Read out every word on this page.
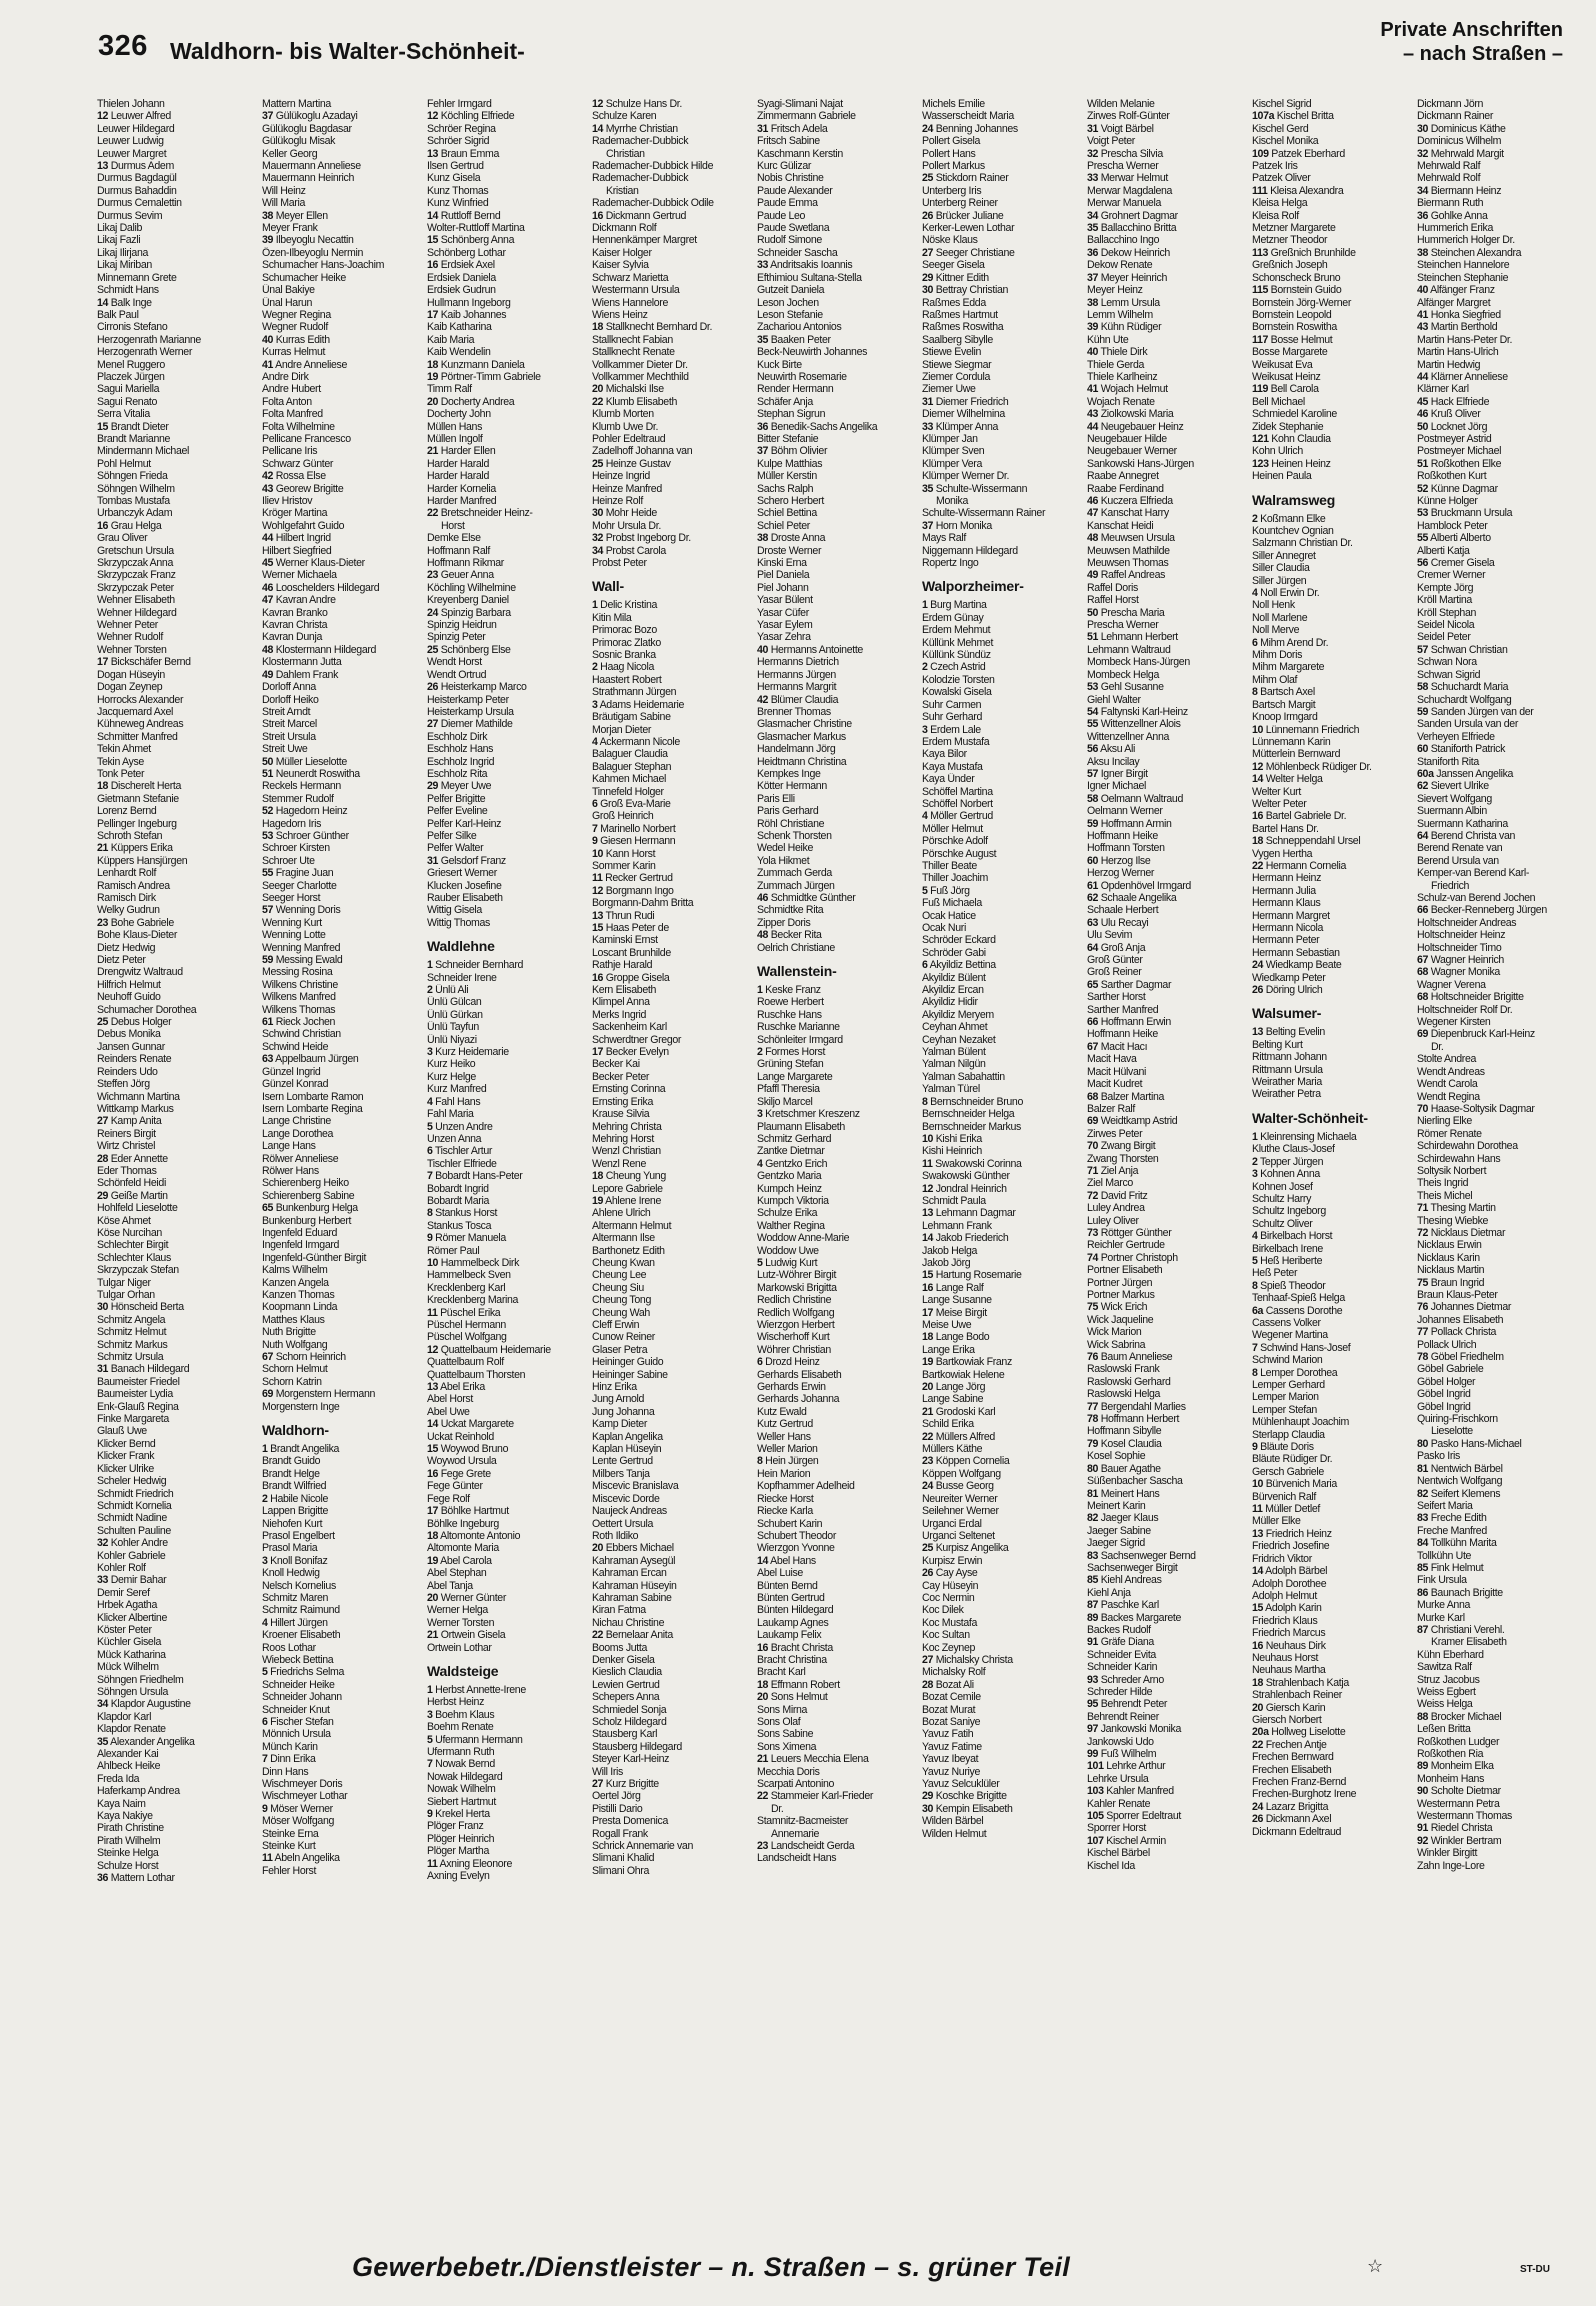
326 Waldhorn- bis Walter-Schönheit-
Private Anschriften
– nach Straßen –
Thielen Johann
12 Leuwer Alfred
Leuwer Hildegard
Leuwer Ludwig
Leuwer Margret
13 Durmus Adem
Durmus Bagdagül
Durmus Bahaddin
Durmus Cemalettin
Durmus Sevim
Likaj Dalib
Likaj Fazli
Likaj Ilirjana
Likaj Miriban
Minnemann Grete
Schmidt Hans
14 Balk Inge
Balk Paul
Cirronis Stefano
Herzogenrath Marianne
Herzogenrath Werner
Menel Ruggero
Placzek Jürgen
Sagui Mariella
Sagui Renato
Serra Vitalia
15 Brandt Dieter
Brandt Marianne
Mindermann Michael
Pohl Helmut
Söhngen Frieda
Söhngen Wilhelm
Tombas Mustafa
Urbanczyk Adam
16 Grau Helga
Grau Oliver
Gretschun Ursula
Skrzypczak Anna
Skrzypczak Franz
Skrzypczak Peter
Wehner Elisabeth
Wehner Hildegard
Wehner Peter
Wehner Rudolf
Wehner Torsten
17 Bickschäfer Bernd
Dogan Hüseyin
Dogan Zeynep
Horrocks Alexander
Jacquemard Axel
Kühneweg Andreas
Schmitter Manfred
Tekin Ahmet
Tekin Ayse
Tonk Peter
18 Discherelt Herta
Gietmann Stefanie
Lorenz Bernd
Pellinger Ingeburg
Schroth Stefan
21 Küppers Erika
Küppers Hansjürgen
Lenhardt Rolf
Ramisch Andrea
Ramisch Dirk
Welky Gudrun
23 Bohe Gabriele
Bohe Klaus-Dieter
Dietz Hedwig
Dietz Peter
Drengwitz Waltraud
Hilfrich Helmut
Neuhoff Guido
Schumacher Dorothea
25 Debus Holger
Debus Monika
Jansen Gunnar
Reinders Renate
Reinders Udo
Steffen Jörg
Wichmann Martina
Wittkamp Markus
27 Kamp Anita
Reiners Birgit
Wirtz Christel
28 Eder Annette
Eder Thomas
Schönfeld Heidi
29 Geiße Martin
Hohlfeld Lieselotte
Köse Ahmet
Köse Nurcihan
Schlechter Birgit
Schlechter Klaus
Skrzypczak Stefan
Tulgar Niger
Tulgar Orhan
30 Hönscheid Berta
Schmitz Angela
Schmitz Helmut
Schmitz Markus
Schmitz Ursula
31 Banach Hildegard
Baumeister Friedel
Baumeister Lydia
Enk-Glauß Regina
Finke Margareta
Glauß Uwe
Klicker Bernd
Klicker Frank
Klicker Ulrike
Scheler Hedwig
Schmidt Friedrich
Schmidt Kornelia
Schmidt Nadine
Schulten Pauline
32 Kohler Andre
Kohler Gabriele
Kohler Rolf
33 Demir Bahar
Demir Seref
Hrbek Agatha
Klicker Albertine
Köster Peter
Küchler Gisela
Mück Katharina
Mück Wilhelm
Söhngen Friedhelm
Söhngen Ursula
34 Klapdor Augustine
Klapdor Karl
Klapdor Renate
35 Alexander Angelika
Alexander Kai
Ahlbeck Heike
Freda Ida
Haferkamp Andrea
Kaya Naim
Kaya Nakiye
Pirath Christine
Pirath Wilhelm
Steinke Helga
Schulze Horst
36 Mattern Lothar
Mattern Martina
37 Gülükoglu Azadayi
Gülükoglu Bagdasar
Gülükoglu Misak
Keller Georg
Mauermann Anneliese
Mauermann Heinrich
Will Heinz
Will Maria
38 Meyer Ellen
Meyer Frank
39 Ilbeyoglu Necattin
Özen-Ilbeyoglu Nermin
Schumacher Hans-Joachim
Schumacher Heike
Ünal Bakiye
Ünal Harun
Wegner Regina
Wegner Rudolf
40 Kurras Edith
Kurras Helmut
41 Andre Anneliese
Andre Dirk
Andre Hubert
Folta Anton
Folta Manfred
Folta Wilhelmine
Pellicane Francesco
Pellicane Iris
Schwarz Günter
42 Rossa Else
43 Georew Brigitte
Iliev Hristov
Kröger Martina
Wohlgefahrt Guido
44 Hilbert Ingrid
Hilbert Siegfried
45 Werner Klaus-Dieter
Werner Michaela
46 Looschelders Hildegard
47 Kavran Andre
Kavran Branko
Kavran Christa
Kavran Dunja
48 Klostermann Hildegard
Klostermann Jutta
49 Dahlem Frank
Dorloff Anna
Dorloff Heiko
Streit Arndt
Streit Marcel
Streit Ursula
Streit Uwe
50 Müller Lieselotte
51 Neunerdt Roswitha
Reckels Hermann
Stemmer Rudolf
52 Hagedorn Heinz
Hagedorn Iris
53 Schroer Günther
Schroer Kirsten
Schroer Ute
55 Fragine Juan
Seeger Charlotte
Seeger Horst
57 Wenning Doris
Wenning Kurt
Wenning Lotte
Wenning Manfred
59 Messing Ewald
Messing Rosina
Wilkens Christine
Wilkens Manfred
Wilkens Thomas
61 Rieck Jochen
Schwind Christian
Schwind Heide
63 Appelbaum Jürgen
Günzel Ingrid
Günzel Konrad
Isern Lombarte Ramon
Isern Lombarte Regina
Lange Christine
Lange Dorothea
Lange Hans
Rölwer Anneliese
Rölwer Hans
Schierenberg Heiko
Schierenberg Sabine
65 Bunkenburg Helga
Bunkenburg Herbert
Ingenfeld Eduard
Ingenfeld Irmgard
Ingenfeld-Günther Birgit
Kalms Wilhelm
Kanzen Angela
Kanzen Thomas
Koopmann Linda
Matthes Klaus
Nuth Brigitte
Nuth Wolfgang
67 Schorn Heinrich
Schorn Helmut
Schorn Katrin
69 Morgenstern Hermann
Morgenstern Inge
Waldhorn-
1 Brandt Angelika
Brandt Guido
Brandt Helge
Brandt Wilfried
2 Habile Nicole
Lappen Brigitte
Niehofen Kurt
Prasol Engelbert
Prasol Maria
3 Knoll Bonifaz
Knoll Hedwig
Nelsch Kornelius
Schmitz Maren
Schmitz Raimund
4 Hillert Jürgen
Kroener Elisabeth
Roos Lothar
Wiebeck Bettina
5 Friedrichs Selma
Schneider Heike
Schneider Johann
Schneider Knut
6 Fischer Stefan
Mönnich Ursula
Münch Karin
7 Dinn Erika
Dinn Hans
Wischmeyer Doris
Wischmeyer Lothar
9 Möser Werner
Möser Wolfgang
Steinke Erna
Steinke Kurt
11 Abeln Angelika
Fehler Horst
Fehler Irmgard
12 Köchling Elfriede
Schröer Regina
Schröer Sigrid
13 Braun Emma
Ilsen Gertrud
Kunz Gisela
Kunz Thomas
Kunz Winfried
14 Ruttloff Bernd
Wolter-Ruttloff Martina
15 Schönberg Anna
Schönberg Lothar
16 Erdsiek Axel
Erdsiek Daniela
Erdsiek Gudrun
Hullmann Ingeborg
17 Kaib Johannes
Kaib Katharina
Kaib Maria
Kaib Wendelin
18 Kunzmann Daniela
19 Pörtner-Timm Gabriele
Timm Ralf
20 Docherty Andrea
Docherty John
Müllen Hans
Müllen Ingolf
21 Harder Ellen
Harder Harald
Harder Harald
Harder Kornelia
Harder Manfred
22 Bretschneider Heinz-
Horst
Demke Else
Hoffmann Ralf
Hoffmann Rikmar
23 Geuer Anna
Köchling Wilhelmine
Kreyenberg Daniel
24 Spinzig Barbara
Spinzig Heidrun
Spinzig Peter
25 Schönberg Else
Wendt Horst
Wendt Ortrud
26 Heisterkamp Marco
Heisterkamp Peter
Heisterkamp Ursula
27 Diemer Mathilde
Eschholz Dirk
Eschholz Hans
Eschholz Ingrid
Eschholz Rita
29 Meyer Uwe
Pelfer Brigitte
Pelfer Eveline
Pelfer Karl-Heinz
Pelfer Silke
Pelfer Walter
31 Gelsdorf Franz
Griesert Werner
Klucken Josefine
Rauber Elisabeth
Wittig Gisela
Wittig Thomas
Waldlehne
1 Schneider Bernhard
Schneider Irene
2 Ünlü Ali
Ünlü Gülcan
Ünlü Gürkan
Ünlü Tayfun
Ünlü Niyazi
3 Kurz Heidemarie
Kurz Heiko
Kurz Helge
Kurz Manfred
4 Fahl Hans
Fahl Maria
5 Unzen Andre
Unzen Anna
6 Tischler Artur
Tischler Elfriede
7 Bobardt Hans-Peter
Bobardt Ingrid
Bobardt Maria
8 Stankus Horst
Stankus Tosca
9 Römer Manuela
Römer Paul
10 Hammelbeck Dirk
Hammelbeck Sven
Krecklenberg Karl
Krecklenberg Marina
11 Püschel Erika
Püschel Hermann
Püschel Wolfgang
12 Quattelbaum Heidemarie
Quattelbaum Rolf
Quattelbaum Thorsten
13 Abel Erika
Abel Horst
Abel Uwe
14 Uckat Margarete
Uckat Reinhold
15 Woywod Bruno
Woywod Ursula
16 Fege Grete
Fege Günter
Fege Rolf
17 Böhlke Hartmut
Böhlke Ingeburg
18 Altomonte Antonio
Altomonte Maria
19 Abel Carola
Abel Stephan
Abel Tanja
20 Werner Günter
Werner Helga
Werner Torsten
21 Ortwein Gisela
Ortwein Lothar
Waldsteige
1 Herbst Annette-Irene
Herbst Heinz
3 Boehm Klaus
Boehm Renate
5 Ufermann Hermann
Ufermann Ruth
7 Nowak Bernd
Nowak Hildegard
Nowak Wilhelm
Siebert Hartmut
9 Krekel Herta
Plöger Franz
Plöger Heinrich
Plöger Martha
11 Axning Eleonore
Axning Evelyn
12 Schulze Hans Dr.
Schulze Karen
14 Myrrhe Christian
Rademacher-Dubbick
Christian
Rademacher-Dubbick Hilde
Rademacher-Dubbick
Kristian
Rademacher-Dubbick Odile
16 Dickmann Gertrud
Dickmann Rolf
Hennenkämper Margret
Kaiser Holger
Kaiser Sylvia
Schwarz Marietta
Westermann Ursula
Wiens Hannelore
Wiens Heinz
18 Stallknecht Bernhard Dr.
Stallknecht Fabian
Stallknecht Renate
Vollkammer Dieter Dr.
Vollkammer Mechthild
20 Michalski Ilse
22 Klumb Elisabeth
Klumb Morten
Klumb Uwe Dr.
Pohler Edeltraud
Zadelhoff Johanna van
25 Heinze Gustav
Heinze Ingrid
Heinze Manfred
Heinze Rolf
30 Mohr Heide
Mohr Ursula Dr.
32 Probst Ingeborg Dr.
34 Probst Carola
Probst Peter
Wall-
1 Delic Kristina
Kitin Mila
Primorac Bozo
Primorac Zlatko
Sosnic Branka
2 Haag Nicola
Haastert Robert
Strathmann Jürgen
3 Adams Heidemarie
Bräutigam Sabine
Morjan Dieter
4 Ackermann Nicole
Balaguer Claudia
Balaguer Stephan
Kahmen Michael
Tinnefeld Holger
6 Groß Eva-Marie
Groß Heinrich
7 Marinello Norbert
9 Giesen Hermann
10 Kann Horst
Sommer Karin
11 Recker Gertrud
12 Borgmann Ingo
Borgmann-Dahm Britta
13 Thrun Rudi
15 Haas Peter de
Kaminski Ernst
Loscant Brunhilde
Rathje Harald
16 Groppe Gisela
Kern Elisabeth
Klimpel Anna
Merks Ingrid
Sackenheim Karl
Schwerdtner Gregor
17 Becker Evelyn
Becker Kai
Becker Peter
Ernsting Corinna
Ernsting Erika
Krause Silvia
Mehring Christa
Mehring Horst
Wenzl Christian
Wenzl Rene
18 Cheung Yung
Lepore Gabriele
19 Ahlene Irene
Ahlene Ulrich
Altermann Helmut
Altermann Ilse
Barthonetz Edith
Cheung Kwan
Cheung Lee
Cheung Siu
Cheung Tong
Cheung Wah
Cleff Erwin
Cunow Reiner
Glaser Petra
Heininger Guido
Heininger Sabine
Hinz Erika
Jung Arnold
Jung Johanna
Kamp Dieter
Kaplan Angelika
Kaplan Hüseyin
Lente Gertrud
Milbers Tanja
Miscevic Branislava
Miscevic Dorde
Naujeck Andreas
Oettert Ursula
Roth Ildiko
20 Ebbers Michael
Kahraman Aysegül
Kahraman Ercan
Kahraman Hüseyin
Kahraman Sabine
Kiran Fatma
Nichau Christine
22 Bernelaar Anita
Booms Jutta
Denker Gisela
Kieslich Claudia
Lewien Gertrud
Schepers Anna
Schmiedel Sonja
Scholz Hildegard
Stausberg Karl
Stausberg Hildegard
Steyer Karl-Heinz
Will Iris
27 Kurz Brigitte
Oertel Jörg
Pistilli Dario
Presta Domenica
Rogall Frank
Schrick Annemarie van
Slimani Khalid
Slimani Ohra
Syagi-Slimani Najat
Zimmermann Gabriele
31 Fritsch Adela
Fritsch Sabine
Kaschmann Kerstin
Kurc Gülizar
Nobis Christine
Paude Alexander
Paude Emma
Paude Leo
Paude Swetlana
Rudolf Simone
Schneider Sascha
33 Andritsakis Ioannis
Efthimiou Sultana-Stella
Gutzeit Daniela
Leson Jochen
Leson Stefanie
Zachariou Antonios
35 Baaken Peter
Beck-Neuwirth Johannes
Kuck Birte
Neuwirth Rosemarie
Render Hermann
Schäfer Anja
Stephan Sigrun
36 Benedik-Sachs Angelika
Bitter Stefanie
37 Böhm Olivier
Kulpe Matthias
Müller Kerstin
Sachs Ralph
Schero Herbert
Schiel Bettina
Schiel Peter
38 Droste Anna
Droste Werner
Kinski Erna
Piel Daniela
Piel Johann
Yasar Bülent
Yasar Cüfer
Yasar Eylem
Yasar Zehra
40 Hermanns Antoinette
Hermanns Dietrich
Hermanns Jürgen
Hermanns Margrit
42 Blümer Claudia
Brenner Thomas
Glasmacher Christine
Glasmacher Markus
Handelmann Jörg
Heidtmann Christina
Kempkes Inge
Kötter Hermann
Paris Elli
Paris Gerhard
Röhl Christiane
Schenk Thorsten
Wedel Heike
Yola Hikmet
Zummach Gerda
Zummach Jürgen
46 Schmidtke Günther
Schmidtke Rita
Zipper Doris
48 Becker Rita
Oelrich Christiane
Wallenstein-
1 Keske Franz
Roewe Herbert
Ruschke Hans
Ruschke Marianne
Schönleiter Irmgard
2 Formes Horst
Grüning Stefan
Lange Margarete
Pfaffl Theresia
Skiljo Marcel
3 Kretschmer Kreszenz
Plaumann Elisabeth
Schmitz Gerhard
Zantke Dietmar
4 Gentzko Erich
Gentzko Maria
Kumpch Heinz
Kumpch Viktoria
Schulze Erika
Walther Regina
Woddow Anne-Marie
Woddow Uwe
5 Ludwig Kurt
Lutz-Wöhrer Birgit
Markowski Brigitta
Redlich Christine
Redlich Wolfgang
Wierzgon Herbert
Wischerhoff Kurt
Wöhrer Christian
6 Drozd Heinz
Gerhards Elisabeth
Gerhards Erwin
Gerhards Johanna
Kutz Ewald
Kutz Gertrud
Weller Hans
Weller Marion
8 Hein Jürgen
Hein Marion
Kopfhammer Adelheid
Riecke Horst
Riecke Karla
Schubert Karin
Schubert Theodor
Wierzgon Yvonne
14 Abel Hans
Abel Luise
Bünten Bernd
Bünten Gertrud
Bünten Hildegard
Laukamp Agnes
Laukamp Felix
16 Bracht Christa
Bracht Christina
Bracht Karl
18 Effmann Robert
20 Sons Helmut
Sons Mirna
Sons Olaf
Sons Sabine
Sons Ximena
21 Leuers Mecchia Elena
Mecchia Doris
Scarpati Antonino
22 Stammeier Karl-Frieder
Dr.
Stamnitz-Bacmeister
Annemarie
23 Landscheidt Gerda
Landscheidt Hans
Michels Emilie
Wasserscheidt Maria
24 Benning Johannes
Pollert Gisela
Pollert Hans
Pollert Markus
25 Stickdorn Rainer
Unterberg Iris
Unterberg Reiner
26 Brücker Juliane
Kerker-Lewen Lothar
Nöske Klaus
27 Seeger Christiane
Seeger Gisela
29 Kittner Edith
30 Bettray Christian
Raßmes Edda
Raßmes Hartmut
Raßmes Roswitha
Saalberg Sibylle
Stiewe Evelin
Stiewe Siegmar
Ziemer Cordula
Ziemer Uwe
31 Diemer Friedrich
Diemer Wilhelmina
33 Klümper Anna
Klümper Jan
Klümper Sven
Klümper Vera
Klümper Werner Dr.
35 Schulte-Wissermann
Monika
Schulte-Wissermann Rainer
37 Horn Monika
Mays Ralf
Niggemann Hildegard
Ropertz Ingo
Walporzheimer-
1 Burg Martina
Erdem Günay
Erdem Mehmut
Küllünk Mehmet
Küllünk Sündüz
2 Czech Astrid
Kolodzie Torsten
Kowalski Gisela
Suhr Carmen
Suhr Gerhard
3 Erdem Lale
Erdem Mustafa
Kaya Bilor
Kaya Mustafa
Kaya Ünder
Schöffel Martina
Schöffel Norbert
4 Möller Gertrud
Möller Helmut
Pörschke Adolf
Pörschke August
Thiller Beate
Thiller Joachim
5 Fuß Jörg
Fuß Michaela
Ocak Hatice
Ocak Nuri
Schröder Eckard
Schröder Gabi
6 Akyildiz Bettina
Akyildiz Bülent
Akyildiz Ercan
Akyildiz Hidir
Akyildiz Meryem
Ceyhan Ahmet
Ceyhan Nezaket
Yalman Bülent
Yalman Nilgün
Yalman Sabahattin
Yalman Türel
8 Bernschneider Bruno
Bernschneider Helga
Bernschneider Markus
10 Kishi Erika
Kishi Heinrich
11 Swakowski Corinna
Swakowski Günther
12 Jondral Heinrich
Schmidt Paula
13 Lehmann Dagmar
Lehmann Frank
14 Jakob Friederich
Jakob Helga
Jakob Jörg
15 Hartung Rosemarie
16 Lange Ralf
Lange Susanne
17 Meise Birgit
Meise Uwe
18 Lange Bodo
Lange Erika
19 Bartkowiak Franz
Bartkowiak Helene
20 Lange Jörg
Lange Sabine
21 Grodoski Karl
Schild Erika
22 Müllers Alfred
Müllers Käthe
23 Köppen Cornelia
Köppen Wolfgang
24 Busse Georg
Neureiter Werner
Seilehner Werner
Urganci Erdal
Urganci Seltenet
25 Kurpisz Angelika
Kurpisz Erwin
26 Cay Ayse
Cay Hüseyin
Coc Nermin
Koc Dilek
Koc Mustafa
Koc Sultan
Koc Zeynep
27 Michalsky Christa
Michalsky Rolf
28 Bozat Ali
Bozat Cemile
Bozat Murat
Bozat Saniye
Yavuz Fatih
Yavuz Fatime
Yavuz Ibeyat
Yavuz Nuriye
Yavuz Selcuklüler
29 Koschke Brigitte
30 Kempin Elisabeth
Wilden Bärbel
Wilden Helmut
Wilden Melanie
Zirwes Rolf-Günter
31 Voigt Bärbel
Voigt Peter
32 Prescha Silvia
Prescha Werner
33 Merwar Helmut
Merwar Magdalena
Merwar Manuela
34 Grohnert Dagmar
35 Ballacchino Britta
Ballacchino Ingo
36 Dekow Heinrich
Dekow Renate
37 Meyer Heinrich
Meyer Heinz
38 Lemm Ursula
Lemm Wilhelm
39 Kühn Rüdiger
Kühn Ute
40 Thiele Dirk
Thiele Gerda
Thiele Karlheinz
41 Wojach Helmut
Wojach Renate
43 Ziolkowski Maria
44 Neugebauer Heinz
Neugebauer Hilde
Neugebauer Werner
Sankowski Hans-Jürgen
Raabe Annegret
Raabe Ferdinand
46 Kuczera Elfrieda
47 Kanschat Harry
Kanschat Heidi
48 Meuwsen Ursula
Meuwsen Mathilde
Meuwsen Thomas
49 Raffel Andreas
Raffel Doris
Raffel Horst
50 Prescha Maria
Prescha Werner
51 Lehmann Herbert
Lehmann Waltraud
Mombeck Hans-Jürgen
Mombeck Helga
53 Gehl Susanne
Giehl Walter
54 Faltynski Karl-Heinz
55 Wittenzellner Alois
Wittenzellner Anna
56 Aksu Ali
Aksu Incilay
57 Igner Birgit
Igner Michael
58 Oelmann Waltraud
Oelmann Werner
59 Hoffmann Armin
Hoffmann Heike
Hoffmann Torsten
60 Herzog Ilse
Herzog Werner
61 Opdenhövel Irmgard
62 Schaale Angelika
Schaale Herbert
63 Ulu Recayi
Ulu Sevim
64 Groß Anja
Groß Günter
Groß Reiner
65 Sarther Dagmar
Sarther Horst
Sarther Manfred
66 Hoffmann Erwin
Hoffmann Heike
67 Macit Hacı
Macit Hava
Macit Hülvani
Macit Kudret
68 Balzer Martina
Balzer Ralf
69 Weidtkamp Astrid
Zirwes Peter
70 Zwang Birgit
Zwang Thorsten
71 Ziel Anja
Ziel Marco
72 David Fritz
Luley Andrea
Luley Oliver
73 Röttger Günther
Reichler Gertrude
74 Portner Christoph
Portner Elisabeth
Portner Jürgen
Portner Markus
75 Wick Erich
Wick Jaqueline
Wick Marion
Wick Sabrina
76 Baum Anneliese
Raslowski Frank
Raslowski Gerhard
Raslowski Helga
77 Bergendahl Marlies
78 Hoffmann Herbert
Hoffmann Sibylle
79 Kosel Claudia
Kosel Sophie
80 Bauer Agathe
Süßenbacher Sascha
81 Meinert Hans
Meinert Karin
82 Jaeger Klaus
Jaeger Sabine
Jaeger Sigrid
83 Sachsenweger Bernd
Sachsenweger Birgit
85 Kiehl Andreas
Kiehl Anja
87 Paschke Karl
89 Backes Margarete
Backes Rudolf
91 Gräfe Diana
Schneider Evita
Schneider Karin
93 Schreder Arno
Schreder Hilde
95 Behrendt Peter
Behrendt Reiner
97 Jankowski Monika
Jankowski Udo
99 Fuß Wilhelm
101 Lehrke Arthur
Lehrke Ursula
103 Kahler Manfred
Kahler Renate
105 Sporrer Edeltraut
Sporrer Horst
107 Kischel Armin
Kischel Bärbel
Kischel Ida
Kischel Sigrid
107a Kischel Britta
Kischel Gerd
Kischel Monika
109 Patzek Eberhard
Patzek Iris
Patzek Oliver
111 Kleisa Alexandra
Kleisa Helga
Kleisa Rolf
Metzner Margarete
Metzner Theodor
113 Greßnich Brunhilde
Greßnich Joseph
Schonscheck Bruno
115 Bornstein Guido
Bornstein Jörg-Werner
Bornstein Leopold
Bornstein Roswitha
117 Bosse Helmut
Bosse Margarete
Weikusat Eva
Weikusat Heinz
119 Bell Carola
Bell Michael
Schmiedel Karoline
Zidek Stephanie
121 Kohn Claudia
Kohn Ulrich
123 Heinen Heinz
Heinen Paula
Walramsweg
2 Koßmann Elke
Kountchev Ognian
Salzmann Christian Dr.
Siller Annegret
Siller Claudia
Siller Jürgen
4 Noll Erwin Dr.
Noll Henk
Noll Marlene
Noll Merve
6 Mihm Arend Dr.
Mihm Doris
Mihm Margarete
Mihm Olaf
8 Bartsch Axel
Bartsch Margit
Knoop Irmgard
10 Lünnemann Friedrich
Lünnemann Karin
Mütterlein Bernward
12 Möhlenbeck Rüdiger Dr.
14 Welter Helga
Welter Kurt
Welter Peter
16 Bartel Gabriele Dr.
Bartel Hans Dr.
18 Schneppendahl Ursel
Vygen Hertha
22 Hermann Cornelia
Hermann Heinz
Hermann Julia
Hermann Klaus
Hermann Margret
Hermann Nicola
Hermann Peter
Hermann Sebastian
24 Wiedkamp Beate
Wiedkamp Peter
26 Döring Ulrich
Walsumer-
13 Belting Evelin
Belting Kurt
Rittmann Johann
Rittmann Ursula
Weirather Maria
Weirather Petra
Walter-Schönheit-
1 Kleinrensing Michaela
Kluthe Claus-Josef
2 Tepper Jürgen
3 Kohnen Anna
Kohnen Josef
Schultz Harry
Schultz Ingeborg
Schultz Oliver
4 Birkelbach Horst
Birkelbach Irene
5 Heß Heriberte
Heß Peter
8 Spieß Theodor
Tenhaaf-Spieß Helga
6a Cassens Dorothe
Cassens Volker
Wegener Martina
7 Schwind Hans-Josef
Schwind Marion
8 Lemper Dorothea
Lemper Gerhard
Lemper Marion
Lemper Stefan
Mühlenhaupt Joachim
Sterlapp Claudia
9 Bläute Doris
Bläute Rüdiger Dr.
Gersch Gabriele
10 Bürvenich Maria
Bürvenich Ralf
11 Müller Detlef
Müller Elke
13 Friedrich Heinz
Friedrich Josefine
Fridrich Viktor
14 Adolph Bärbel
Adolph Dorothee
Adolph Helmut
15 Adolph Karin
Friedrich Klaus
Friedrich Marcus
16 Neuhaus Dirk
Neuhaus Horst
Neuhaus Martha
18 Strahlenbach Katja
Strahlenbach Reiner
20 Giersch Karin
Giersch Norbert
20a Hollweg Liselotte
22 Frechen Antje
Frechen Bernward
Frechen Elisabeth
Frechen Franz-Bernd
Frechen-Burghotz Irene
24 Lazarz Brigitta
26 Dickmann Axel
Dickmann Edeltraud
Dickmann Jörn
Dickmann Rainer
30 Dominicus Käthe
Dominicus Wilhelm
32 Mehrwald Margit
Mehrwald Ralf
Mehrwald Rolf
34 Biermann Heinz
Biermann Ruth
36 Gohlke Anna
Hummerich Erika
Hummerich Holger Dr.
38 Steinchen Alexandra
Steinchen Hannelore
Steinchen Stephanie
40 Alfänger Franz
Alfänger Margret
41 Honka Siegfried
43 Martin Berthold
Martin Hans-Peter Dr.
Martin Hans-Ulrich
Martin Hedwig
44 Klärner Anneliese
Klärner Karl
45 Hack Elfriede
46 Kruß Oliver
50 Locknet Jörg
Postmeyer Astrid
Postmeyer Michael
51 Roßkothen Elke
Roßkothen Kurt
52 Künne Dagmar
Künne Holger
53 Bruckmann Ursula
Hamblock Peter
55 Alberti Alberto
Alberti Katja
56 Cremer Gisela
Cremer Werner
Kempte Jörg
Kröll Martina
Kröll Stephan
Seidel Nicola
Seidel Peter
57 Schwan Christian
Schwan Nora
Schwan Sigrid
58 Schuchardt Maria
Schuchardt Wolfgang
59 Sanden Jürgen van der
Sanden Ursula van der
Verheyen Elfriede
60 Staniforth Patrick
Staniforth Rita
60a Janssen Angelika
62 Sievert Ulrike
Sievert Wolfgang
Suermann Albin
Suermann Katharina
64 Berend Christa van
Berend Renate van
Berend Ursula van
Kemper-van Berend Karl-
Friedrich
Schulz-van Berend Jochen
66 Becker-Renneberg Jürgen
Holtschneider Andreas
Holtschneider Heinz
Holtschneider Timo
67 Wagner Heinrich
68 Wagner Monika
Wagner Verena
68 Holtschneider Brigitte
Holtschneider Rolf Dr.
Wegener Kirsten
69 Diepenbruck Karl-Heinz
Dr.
Stolte Andrea
Wendt Andreas
Wendt Carola
Wendt Regina
70 Haase-Soltysik Dagmar
Nierling Elke
Römer Renate
Schirdewahn Dorothea
Schirdewahn Hans
Soltysik Norbert
Theis Ingrid
Theis Michel
71 Thesing Martin
Thesing Wiebke
72 Nicklaus Dietmar
Nicklaus Erwin
Nicklaus Karin
Nicklaus Martin
75 Braun Ingrid
Braun Klaus-Peter
76 Johannes Dietmar
Johannes Elisabeth
77 Pollack Christa
Pollack Ulrich
78 Göbel Friedhelm
Göbel Gabriele
Göbel Holger
Göbel Ingrid
Göbel Ingrid
Quiring-Frischkorn
Lieselotte
80 Pasko Hans-Michael
Pasko Iris
81 Nentwich Bärbel
Nentwich Wolfgang
82 Seifert Klemens
Seifert Maria
83 Freche Edith
Freche Manfred
84 Tollkühn Marita
Tollkühn Ute
85 Fink Helmut
Fink Ursula
86 Baunach Brigitte
Murke Anna
Murke Karl
87 Christiani Verehl.
Kramer Elisabeth
Kühn Eberhard
Sawitza Ralf
Struz Jacobus
Weiss Egbert
Weiss Helga
88 Brocker Michael
Leßen Britta
Roßkothen Ludger
Roßkothen Ria
89 Monheim Elka
Monheim Hans
90 Scholte Dietmar
Westermann Petra
Westermann Thomas
91 Riedel Christa
92 Winkler Bertram
Winkler Birgitt
Zahn Inge-Lore
Gewerbebetr./Dienstleister – n. Straßen – s. grüner Teil	☆	ST-DU
